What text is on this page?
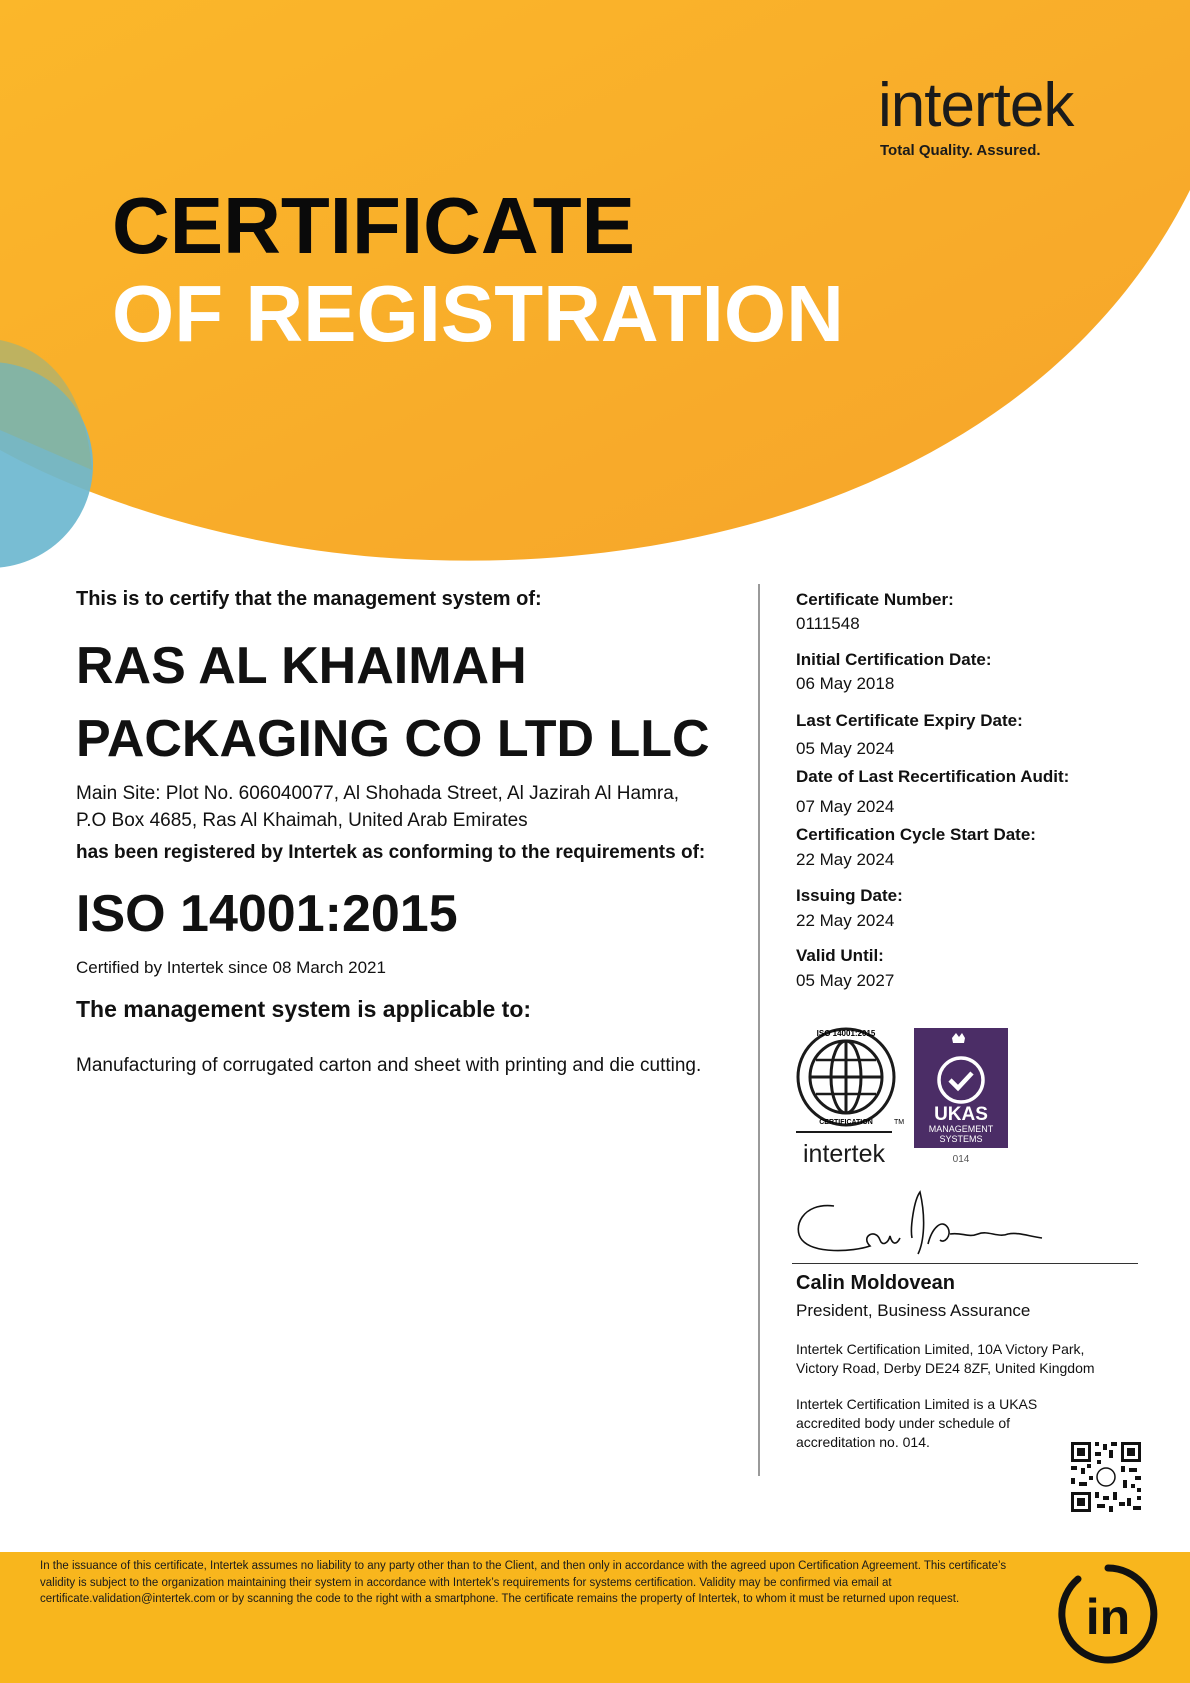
intertek
Total Quality. Assured.
CERTIFICATE
OF REGISTRATION
This is to certify that the management system of:
RAS AL KHAIMAH
PACKAGING CO LTD LLC
Main Site: Plot No. 606040077, Al Shohada Street, Al Jazirah Al Hamra,
P.O Box 4685, Ras Al Khaimah, United Arab Emirates
has been registered by Intertek as conforming to the requirements of:
ISO 14001:2015
Certified by Intertek since 08 March 2021
The management system is applicable to:
Manufacturing of corrugated carton and sheet with printing and die cutting.
Certificate Number:
0111548
Initial Certification Date:
06 May 2018
Last Certificate Expiry Date:
05 May 2024
Date of Last Recertification Audit:
07 May 2024
Certification Cycle Start Date:
22 May 2024
Issuing Date:
22 May 2024
Valid Until:
05 May 2027
ISO 14001:2015
CERTIFICATION	TM
intertek
UKAS
MANAGEMENT
SYSTEMS
014
Calin Moldovean
President, Business Assurance
Intertek Certification Limited, 10A Victory Park, Victory Road, Derby DE24 8ZF, United Kingdom
Intertek Certification Limited is a UKAS accredited body under schedule of accreditation no. 014.
In the issuance of this certificate, Intertek assumes no liability to any party other than to the Client, and then only in accordance with the agreed upon Certification Agreement. This certificate’s validity is subject to the organization maintaining their system in accordance with Intertek’s requirements for systems certification. Validity may be confirmed via email at certificate.validation@intertek.com or by scanning the code to the right with a smartphone. The certificate remains the property of Intertek, to whom it must be returned upon request.	in
